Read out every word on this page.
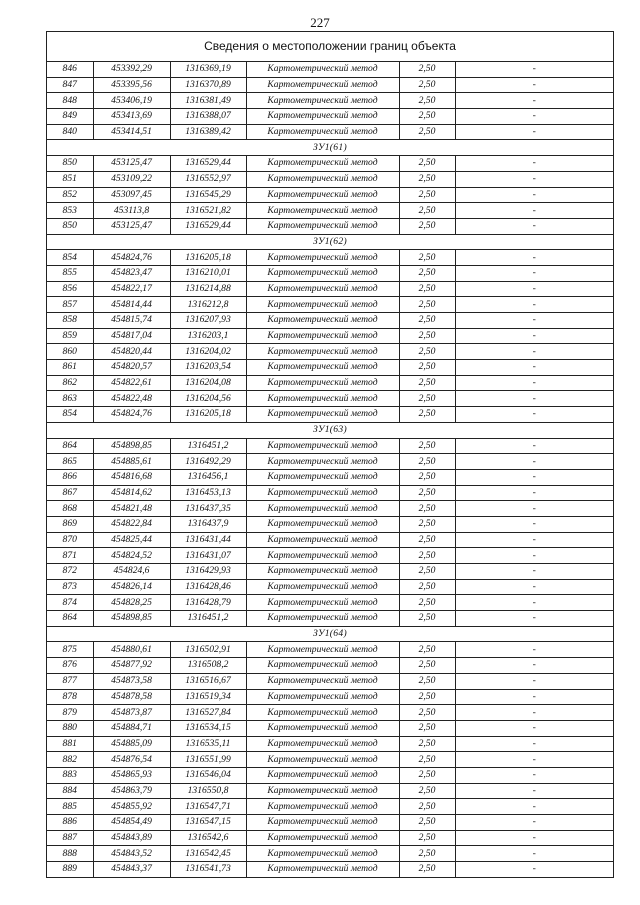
227
Сведения о местоположении границ объекта
846	453392,29	1316369,19	Картометрический метод	2,50	-
847	453395,56	1316370,89	Картометрический метод	2,50	-
848	453406,19	1316381,49	Картометрический метод	2,50	-
849	453413,69	1316388,07	Картометрический метод	2,50	-
840	453414,51	1316389,42	Картометрический метод	2,50	-
ЗУ1(61)					
850	453125,47	1316529,44	Картометрический метод	2,50	-
851	453109,22	1316552,97	Картометрический метод	2,50	-
852	453097,45	1316545,29	Картометрический метод	2,50	-
853	453113,8	1316521,82	Картометрический метод	2,50	-
850	453125,47	1316529,44	Картометрический метод	2,50	-
ЗУ1(62)					
854	454824,76	1316205,18	Картометрический метод	2,50	-
855	454823,47	1316210,01	Картометрический метод	2,50	-
856	454822,17	1316214,88	Картометрический метод	2,50	-
857	454814,44	1316212,8	Картометрический метод	2,50	-
858	454815,74	1316207,93	Картометрический метод	2,50	-
859	454817,04	1316203,1	Картометрический метод	2,50	-
860	454820,44	1316204,02	Картометрический метод	2,50	-
861	454820,57	1316203,54	Картометрический метод	2,50	-
862	454822,61	1316204,08	Картометрический метод	2,50	-
863	454822,48	1316204,56	Картометрический метод	2,50	-
854	454824,76	1316205,18	Картометрический метод	2,50	-
ЗУ1(63)					
864	454898,85	1316451,2	Картометрический метод	2,50	-
865	454885,61	1316492,29	Картометрический метод	2,50	-
866	454816,68	1316456,1	Картометрический метод	2,50	-
867	454814,62	1316453,13	Картометрический метод	2,50	-
868	454821,48	1316437,35	Картометрический метод	2,50	-
869	454822,84	1316437,9	Картометрический метод	2,50	-
870	454825,44	1316431,44	Картометрический метод	2,50	-
871	454824,52	1316431,07	Картометрический метод	2,50	-
872	454824,6	1316429,93	Картометрический метод	2,50	-
873	454826,14	1316428,46	Картометрический метод	2,50	-
874	454828,25	1316428,79	Картометрический метод	2,50	-
864	454898,85	1316451,2	Картометрический метод	2,50	-
ЗУ1(64)					
875	454880,61	1316502,91	Картометрический метод	2,50	-
876	454877,92	1316508,2	Картометрический метод	2,50	-
877	454873,58	1316516,67	Картометрический метод	2,50	-
878	454878,58	1316519,34	Картометрический метод	2,50	-
879	454873,87	1316527,84	Картометрический метод	2,50	-
880	454884,71	1316534,15	Картометрический метод	2,50	-
881	454885,09	1316535,11	Картометрический метод	2,50	-
882	454876,54	1316551,99	Картометрический метод	2,50	-
883	454865,93	1316546,04	Картометрический метод	2,50	-
884	454863,79	1316550,8	Картометрический метод	2,50	-
885	454855,92	1316547,71	Картометрический метод	2,50	-
886	454854,49	1316547,15	Картометрический метод	2,50	-
887	454843,89	1316542,6	Картометрический метод	2,50	-
888	454843,52	1316542,45	Картометрический метод	2,50	-
889	454843,37	1316541,73	Картометрический метод	2,50	-
